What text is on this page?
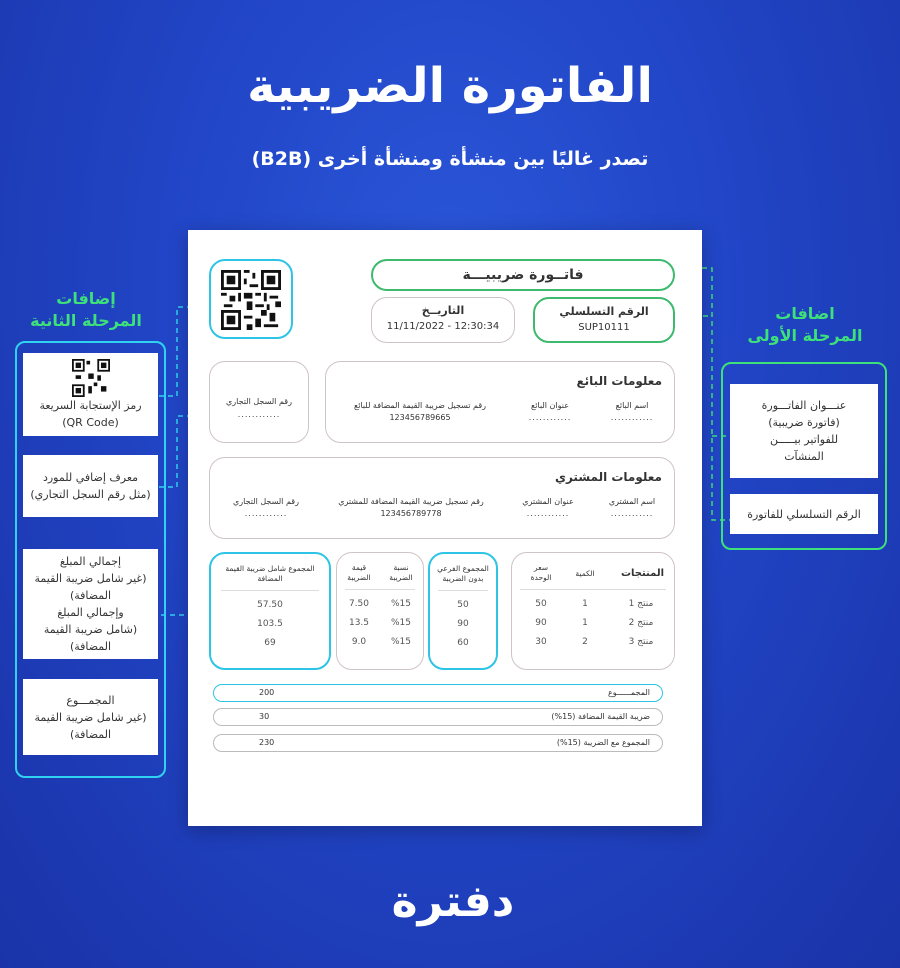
الفاتورة الضريبية
تصدر غالبًا بين منشأة ومنشأة أخرى (B2B)
فاتــورة ضريبيـــة
التاريــخ
11/11/2022 - 12:30:34
الرقم التسلسلي
SUP10111
رقم السجل التجاري
............
معلومات البائع
اسم البائع
............
عنوان البائع
............
رقم تسجيل ضريبة القيمة المضافة للبائع
123456789665
معلومات المشتري
اسم المشتري
............
عنوان المشتري
............
رقم تسجيل ضريبة القيمة المضافة للمشتري
123456789778
رقم السجل التجاري
............
المنتجات
الكمية
سعر الوحدة
منتج 1
1
50
منتج 2
1
90
منتج 3
2
30
المجموع الفرعي بدون الضريبة
50
90
60
نسبة الضريبة
قيمة الضريبة
%15
7.50
%15
13.5
%15
9.0
المجموع شامل ضريبة القيمة المضافة
57.50
103.5
69
المجمــــــوع
200
ضريبة القيمة المضافة (15%)
30
المجموع مع الضريبة (15%)
230
إضافات
المرحلة الثانية
رمز الإستجابة السريعة
(QR Code)
معرف إضافي للمورد
(مثل رقم السجل التجاري)
إجمالي المبلغ
(غير شامل ضريبة القيمة
المضافة)
وإجمالي المبلغ
(شامل ضريبة القيمة
المضافة)
المجمـــوع
(غير شامل ضريبة القيمة
المضافة)
اضافات
المرحلة الأولى
عنـــوان الفاتـــورة
(فاتورة ضريبية)
للفواتير بيـــــن
المنشآت
الرقم التسلسلي للفاتورة
دفترة
